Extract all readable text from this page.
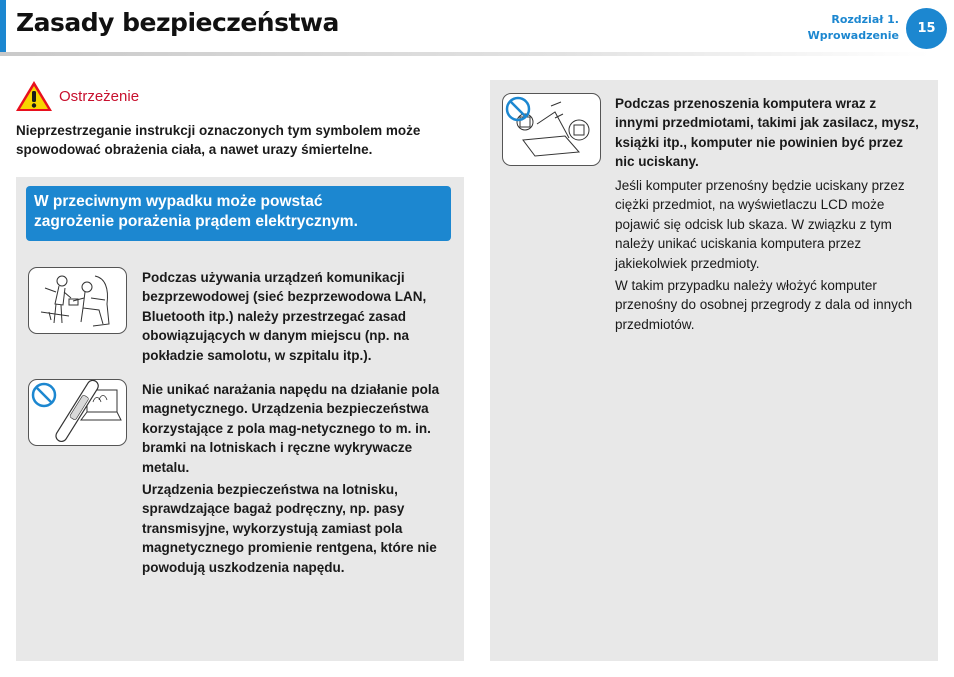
Zasady bezpieczeństwa	Rozdział 1.
Wprowadzenie	15
Ostrzeżenie

Nieprzestrzeganie instrukcji oznaczonych tym symbolem może spowodować obrażenia ciała, a nawet urazy śmiertelne.

W przeciwnym wypadku może powstać
zagrożenie porażenia prądem elektrycznym.

Podczas używania urządzeń komunikacji bezprzewodowej (sieć bezprzewodowa LAN, Bluetooth itp.) należy przestrzegać zasad obowiązujących w danym miejscu (np. na pokładzie samolotu, w szpitalu itp.).

Nie unikać narażania napędu na działanie pola magnetycznego. Urządzenia bezpieczeństwa korzystające z pola mag-netycznego to m. in. bramki na lotniskach i ręczne wykrywacze metalu.

Urządzenia bezpieczeństwa na lotnisku, sprawdzające bagaż podręczny, np. pasy transmisyjne, wykorzystują zamiast pola magnetycznego promienie rentgena, które nie powodują uszkodzenia napędu.

Podczas przenoszenia komputera wraz z innymi przedmiotami, takimi jak zasilacz, mysz, książki itp., komputer nie powinien być przez nic uciskany.

Jeśli komputer przenośny będzie uciskany przez ciężki przedmiot, na wyświetlaczu LCD może pojawić się odcisk lub skaza. W związku z tym należy unikać uciskania komputera przez jakiekolwiek przedmioty.

W takim przypadku należy włożyć komputer przenośny do osobnej przegrody z dala od innych przedmiotów.
